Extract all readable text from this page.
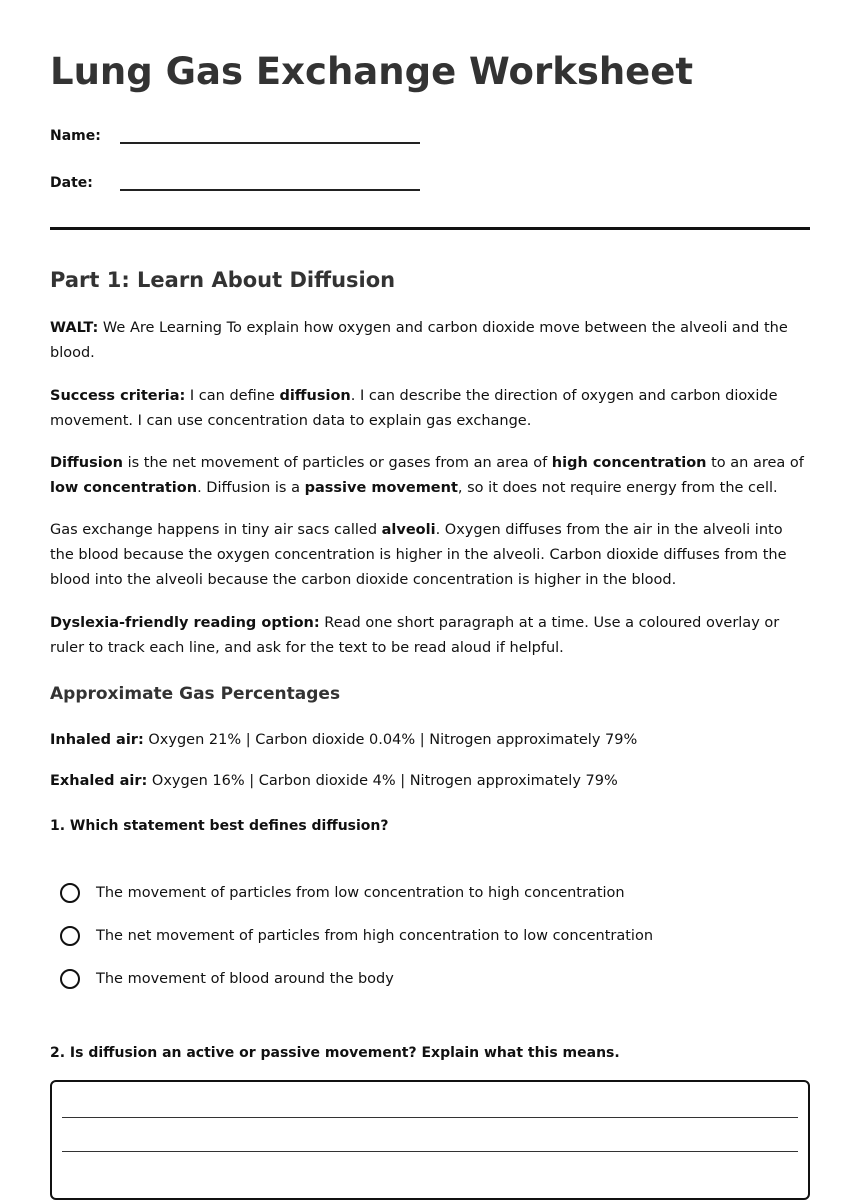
Lung Gas Exchange Worksheet
Name:
Date:
Part 1: Learn About Diffusion

WALT: We Are Learning To explain how oxygen and carbon dioxide move between the alveoli and the blood.

Success criteria: I can define diffusion. I can describe the direction of oxygen and carbon dioxide movement. I can use concentration data to explain gas exchange.

Diffusion is the net movement of particles or gases from an area of high concentration to an area of low concentration. Diffusion is a passive movement, so it does not require energy from the cell.

Gas exchange happens in tiny air sacs called alveoli. Oxygen diffuses from the air in the alveoli into the blood because the oxygen concentration is higher in the alveoli. Carbon dioxide diffuses from the blood into the alveoli because the carbon dioxide concentration is higher in the blood.

Dyslexia-friendly reading option: Read one short paragraph at a time. Use a coloured overlay or ruler to track each line, and ask for the text to be read aloud if helpful.

Approximate Gas Percentages

Inhaled air: Oxygen 21% | Carbon dioxide 0.04% | Nitrogen approximately 79%

Exhaled air: Oxygen 16% | Carbon dioxide 4% | Nitrogen approximately 79%

1. Which statement best defines diffusion?

The movement of particles from low concentration to high concentration
The net movement of particles from high concentration to low concentration
The movement of blood around the body

2. Is diffusion an active or passive movement? Explain what this means.
